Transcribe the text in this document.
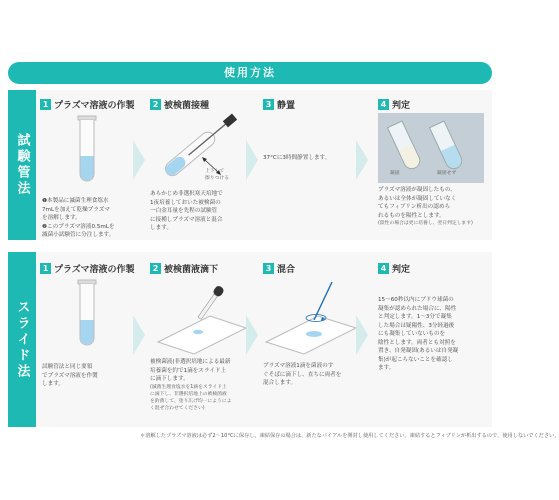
使用方法
試験管法
1 プラズマ溶液の作製
❶本製品に滅菌生理食塩水
7mLを加えて乾燥プラズマ
を溶解します。
❷このプラズマ溶液0.5mLを
滅菌小試験管に分注します。
2 被検菌接種
上下して
擦りつける
あらかじめ非選択寒天培地で
1夜培養しておいた被検菌の
一白金耳量を先程の試験管
に接種しプラズマ溶液と混合
します。
3 静置
37°Cに3時間静置します。
4 判定
凝固	凝固せず
プラズマ溶液が凝固したもの、
あるいは全体が凝固していなく
てもフィブリン析出の認めら
れるものを陽性とします。
(陰性の場合は更に培養し、翌日判定します)
スライド法
1 プラズマ溶液の作製
試験管法と同じ要領
でプラズマ溶液を作製
します。
2 被検菌液滴下
被検菌液(非選択培地による最新
培養菌を約で1滴をスライド上
に滴下します。
(滅菌生理食塩水を1滴をスライド上
に滴下し、非選択培地上の被検菌液
を釣菌して、塗り広げ均一にようによ
く混ぜ合わせてください)
3 混合
プラズマ溶液1滴を菌液のす
ぐそばに滴下し、直ちに両者を
混合します。
4 判定
15～60秒以内にブドウ球菌の
凝集が認められた場合に、陽性
と判定します。1～3分で凝集
した場合は疑陽性、3分経過後
にも凝集していないものを
陰性とします。両者とも対照を
置き、自発凝固(あるいは自発凝
集)が起こらないことを確認し
ます。
＊溶解したプラズマ溶液は必ず2～10°Cに保存し、凍結保存の場合は、新たなバイアルを開封し使用してください。凍結するとフィブリンが析出するので、使用しないでください。
